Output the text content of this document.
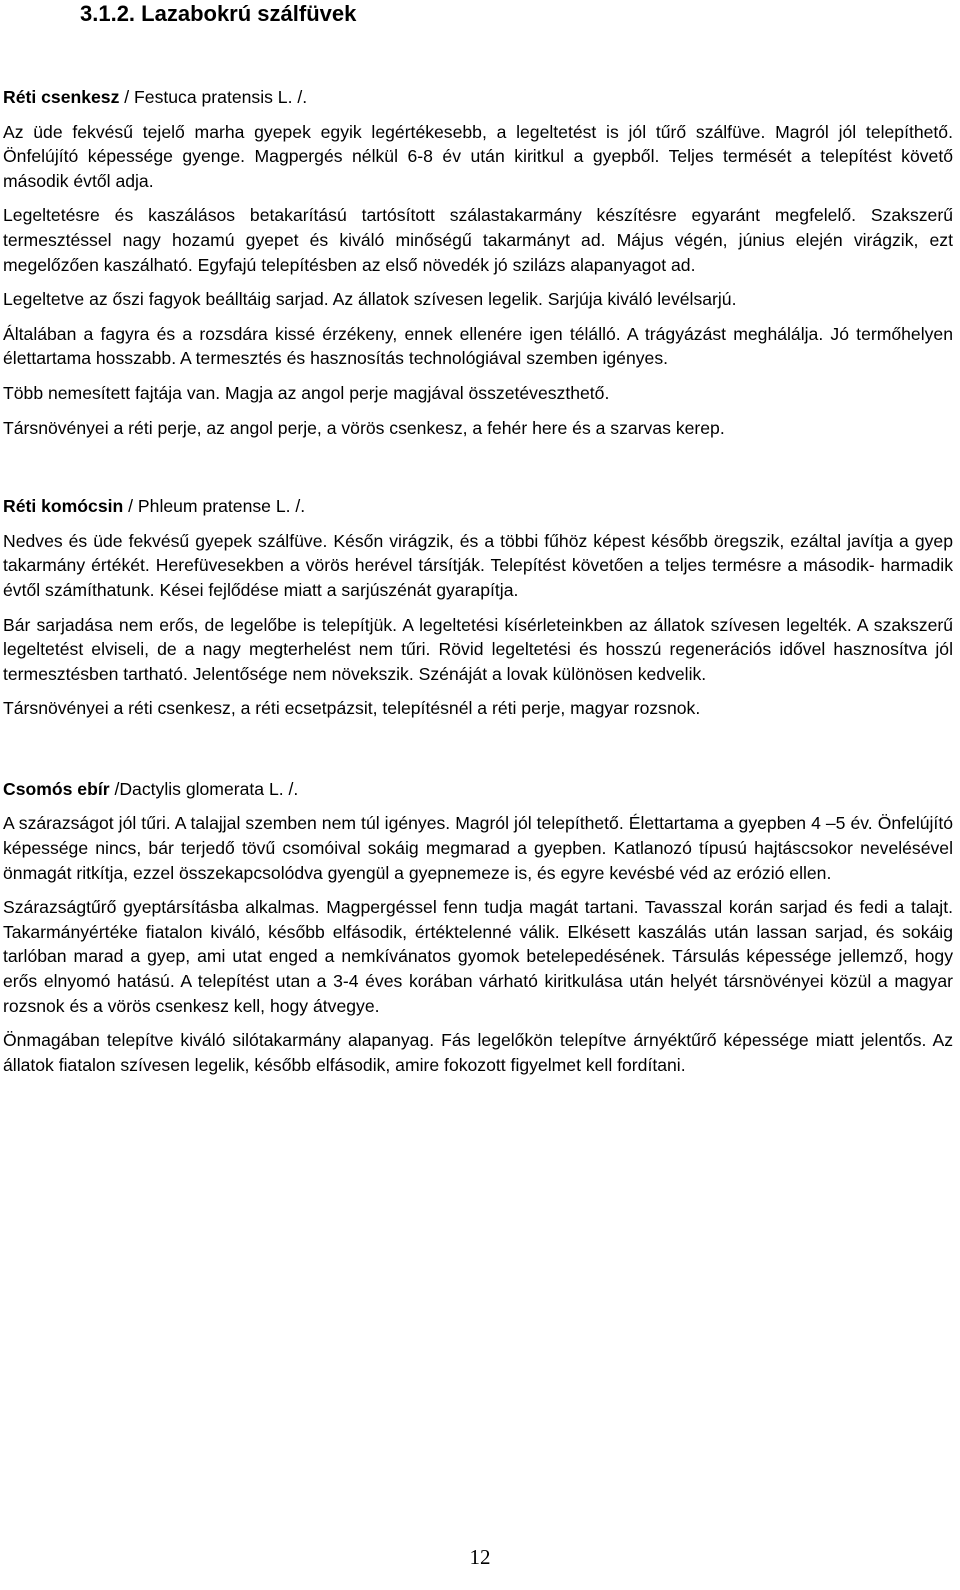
3.1.2. Lazabokrú szálfüvek

Réti csenkesz / Festuca pratensis L. /.

Az üde fekvésű tejelő marha gyepek egyik legértékesebb, a legeltetést is jól tűrő szálfüve. Magról jól telepíthető. Önfelújító képessége gyenge. Magpergés nélkül 6-8 év után kiritkul a gyepből. Teljes termését a telepítést követő második évtől adja.

Legeltetésre és kaszálásos betakarítású tartósított szálastakarmány készítésre egyaránt megfelelő. Szakszerű termesztéssel nagy hozamú gyepet és kiváló minőségű takarmányt ad. Május végén, június elején virágzik, ezt megelőzően kaszálható. Egyfajú telepítésben az első növedék jó szilázs alapanyagot ad.

Legeltetve az őszi fagyok beálltáig sarjad. Az állatok szívesen legelik. Sarjúja kiváló levélsarjú.

Általában a fagyra és a rozsdára kissé érzékeny, ennek ellenére igen télálló. A trágyázást meghálálja. Jó termőhelyen élettartama hosszabb. A termesztés és hasznosítás technológiával szemben igényes.

Több nemesített fajtája van. Magja az angol perje magjával összetéveszthető.

Társnövényei a réti perje, az angol perje, a vörös csenkesz, a fehér here és a szarvas kerep.

Réti komócsin / Phleum pratense L. /.

Nedves és üde fekvésű gyepek szálfüve. Későn virágzik, és a többi fűhöz képest később öregszik, ezáltal javítja a gyep takarmány értékét. Herefüvesekben a vörös herével társítják. Telepítést követően a teljes termésre a második- harmadik évtől számíthatunk. Kései fejlődése miatt a sarjúszénát gyarapítja.

Bár sarjadása nem erős, de legelőbe is telepítjük. A legeltetési kísérleteinkben az állatok szívesen legelték. A szakszerű legeltetést elviseli, de a nagy megterhelést nem tűri. Rövid legeltetési és hosszú regenerációs idővel hasznosítva jól termesztésben tartható. Jelentősége nem növekszik. Szénáját a lovak különösen kedvelik.

Társnövényei a réti csenkesz, a réti ecsetpázsit, telepítésnél a réti perje, magyar rozsnok.

Csomós ebír /Dactylis glomerata L. /.

A szárazságot jól tűri. A talajjal szemben nem túl igényes. Magról jól telepíthető. Élettartama a gyepben 4 –5 év. Önfelújító képessége nincs, bár terjedő tövű csomóival sokáig megmarad a gyepben. Katlanozó típusú hajtáscsokor nevelésével önmagát ritkítja, ezzel összekapcsolódva gyengül a gyepnemeze is, és egyre kevésbé véd az erózió ellen.

Szárazságtűrő gyeptársításba alkalmas. Magpergéssel fenn tudja magát tartani. Tavasszal korán sarjad és fedi a talajt. Takarmányértéke fiatalon kiváló, később elfásodik, értéktelenné válik. Elkésett kaszálás után lassan sarjad, és sokáig tarlóban marad a gyep, ami utat enged a nemkívánatos gyomok betelepedésének. Társulás képessége jellemző, hogy erős elnyomó hatású. A telepítést utan a 3-4 éves korában várható kiritkulása után helyét társnövényei közül a magyar rozsnok és a vörös csenkesz kell, hogy átvegye.

Önmagában telepítve kiváló silótakarmány alapanyag. Fás legelőkön telepítve árnyéktűrő képessége miatt jelentős. Az állatok fiatalon szívesen legelik, később elfásodik, amire fokozott figyelmet kell fordítani.

12
